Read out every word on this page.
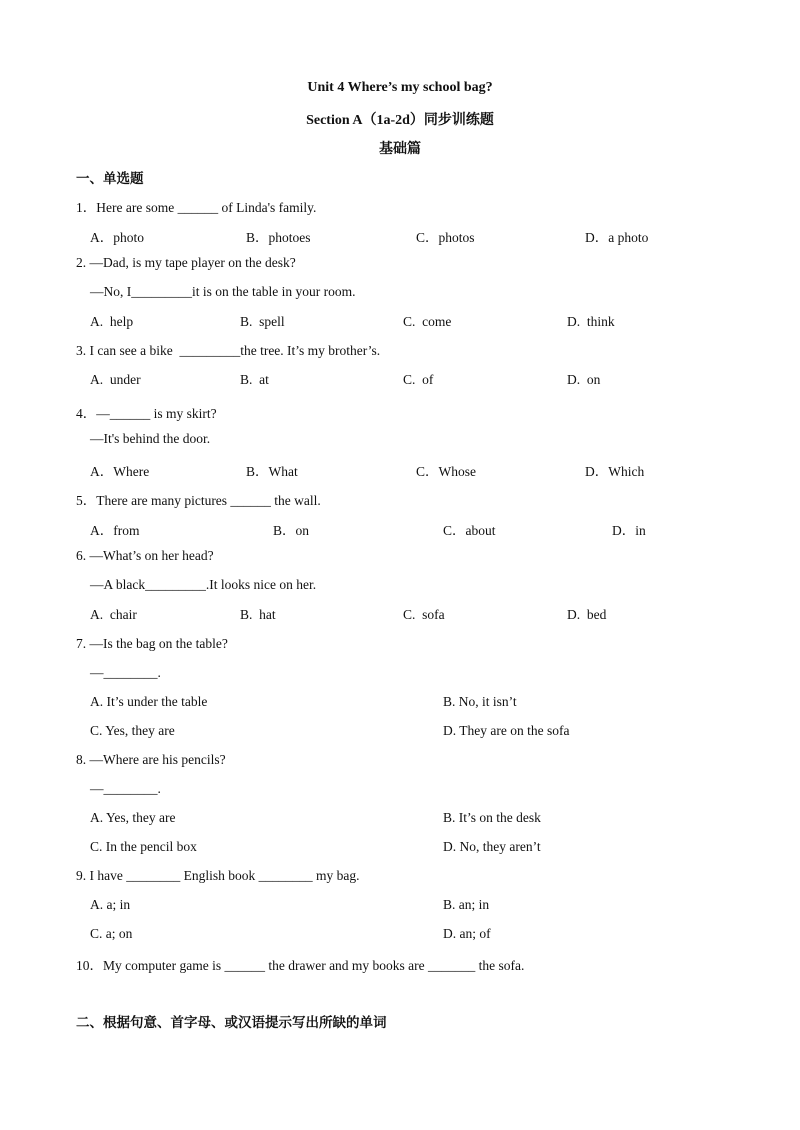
Unit 4 Where’s my school bag?
Section A（1a-2d）同步训练题
基础篇
一、单选题
1．Here are some ______ of Linda's family.
A．photo	B．photoes	C．photos	D．a photo
2. —Dad, is my tape player on the desk?
—No, I_________it is on the table in your room.
A.  help	B.  spell	C.  come	D.  think
3. I can see a bike  _________the tree. It’s my brother’s.
A.  under	B.  at	C.  of	D.  on
4．—______ is my skirt?
—It's behind the door.
A．Where	B．What	C．Whose	D．Which
5．There are many pictures ______ the wall.
A．from	B．on	C．about	D．in
6. —What’s on her head?
—A black_________.It looks nice on her.
A.  chair	B.  hat	C.  sofa	D.  bed
7. —Is the bag on the table?
—________.
A. It’s under the table	B. No, it isn’t
C. Yes, they are	D. They are on the sofa
8. —Where are his pencils?
—________.
A. Yes, they are	B. It’s on the desk
C. In the pencil box	D. No, they aren’t
9. I have ________ English book ________ my bag.
A. a; in	B. an; in
C. a; on	D. an; of
10．My computer game is ______ the drawer and my books are _______ the sofa.
二、根据句意、首字母、或汉语提示写出所缺的单词
